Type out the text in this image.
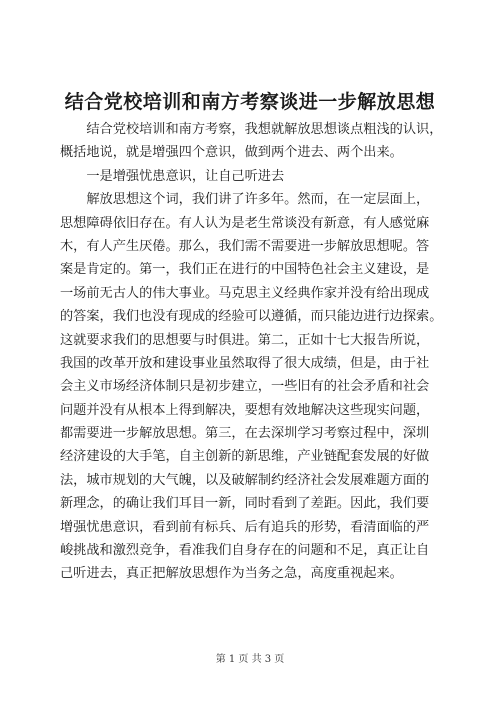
结合党校培训和南方考察谈进一步解放思想
　　结合党校培训和南方考察，我想就解放思想谈点粗浅的认识，
概括地说，就是增强四个意识，做到两个进去、两个出来。
　　一是增强忧患意识，让自己听进去
　　解放思想这个词，我们讲了许多年。然而，在一定层面上，
思想障碍依旧存在。有人认为是老生常谈没有新意，有人感觉麻
木，有人产生厌倦。那么，我们需不需要进一步解放思想呢。答
案是肯定的。第一，我们正在进行的中国特色社会主义建设，是
一场前无古人的伟大事业。马克思主义经典作家并没有给出现成
的答案，我们也没有现成的经验可以遵循，而只能边进行边探索。
这就要求我们的思想要与时俱进。第二，正如十七大报告所说，
我国的改革开放和建设事业虽然取得了很大成绩，但是，由于社
会主义市场经济体制只是初步建立，一些旧有的社会矛盾和社会
问题并没有从根本上得到解决，要想有效地解决这些现实问题，
都需要进一步解放思想。第三，在去深圳学习考察过程中，深圳
经济建设的大手笔，自主创新的新思维，产业链配套发展的好做
法，城市规划的大气魄，以及破解制约经济社会发展难题方面的
新理念，的确让我们耳目一新，同时看到了差距。因此，我们要
增强忧患意识，看到前有标兵、后有追兵的形势，看清面临的严
峻挑战和激烈竞争，看准我们自身存在的问题和不足，真正让自
己听进去，真正把解放思想作为当务之急，高度重视起来。
第 1 页 共 3 页
